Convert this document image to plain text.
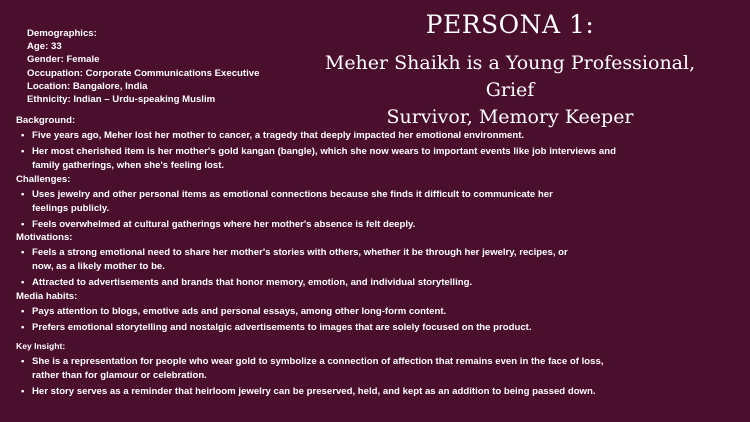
Demographics:
Age: 33
Gender: Female
Occupation: Corporate Communications Executive
Location: Bangalore, India
Ethnicity: Indian – Urdu-speaking Muslim
PERSONA 1:
Meher Shaikh is a Young Professional, Grief
Survivor, Memory Keeper
Background:
• Five years ago, Meher lost her mother to cancer, a tragedy that deeply impacted her emotional environment.
• Her most cherished item is her mother's gold kangan (bangle), which she now wears to important events like job interviews and family gatherings, when she's feeling lost.
Challenges:
• Uses jewelry and other personal items as emotional connections because she finds it difficult to communicate her feelings publicly.
• Feels overwhelmed at cultural gatherings where her mother's absence is felt deeply.
Motivations:
• Feels a strong emotional need to share her mother's stories with others, whether it be through her jewelry, recipes, or now, as a likely mother to be.
• Attracted to advertisements and brands that honor memory, emotion, and individual storytelling.
Media habits:
• Pays attention to blogs, emotive ads and personal essays, among other long-form content.
• Prefers emotional storytelling and nostalgic advertisements to images that are solely focused on the product.
Key Insight:
• She is a representation for people who wear gold to symbolize a connection of affection that remains even in the face of loss, rather than for glamour or celebration.
• Her story serves as a reminder that heirloom jewelry can be preserved, held, and kept as an addition to being passed down.
